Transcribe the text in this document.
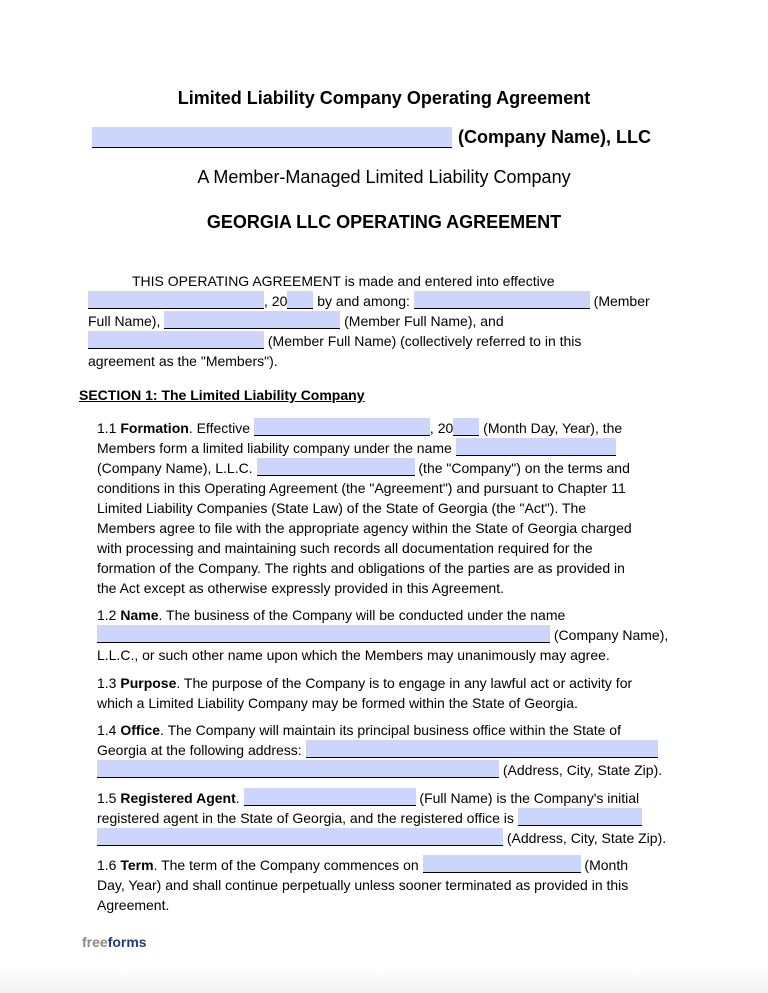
Limited Liability Company Operating Agreement
(Company Name), LLC
A Member-Managed Limited Liability Company
GEORGIA LLC OPERATING AGREEMENT
THIS OPERATING AGREEMENT is made and entered into effective
, 20 by and among:	(Member
Full Name),	(Member Full Name), and
(Member Full Name) (collectively referred to in this
agreement as the "Members").
SECTION 1: The Limited Liability Company
1.1 Formation. Effective	, 20 (Month Day, Year), the
Members form a limited liability company under the name
(Company Name), L.L.C.	(the "Company") on the terms and
conditions in this Operating Agreement (the "Agreement") and pursuant to Chapter 11
Limited Liability Companies (State Law) of the State of Georgia (the "Act"). The
Members agree to file with the appropriate agency within the State of Georgia charged
with processing and maintaining such records all documentation required for the
formation of the Company. The rights and obligations of the parties are as provided in
the Act except as otherwise expressly provided in this Agreement.
1.2 Name. The business of the Company will be conducted under the name
(Company Name),
L.L.C., or such other name upon which the Members may unanimously may agree.
1.3 Purpose. The purpose of the Company is to engage in any lawful act or activity for
which a Limited Liability Company may be formed within the State of Georgia.
1.4 Office. The Company will maintain its principal business office within the State of
Georgia at the following address:
(Address, City, State Zip).
1.5 Registered Agent.	(Full Name) is the Company's initial
registered agent in the State of Georgia, and the registered office is
(Address, City, State Zip).
1.6 Term. The term of the Company commences on	(Month
Day, Year) and shall continue perpetually unless sooner terminated as provided in this
Agreement.
freeforms
